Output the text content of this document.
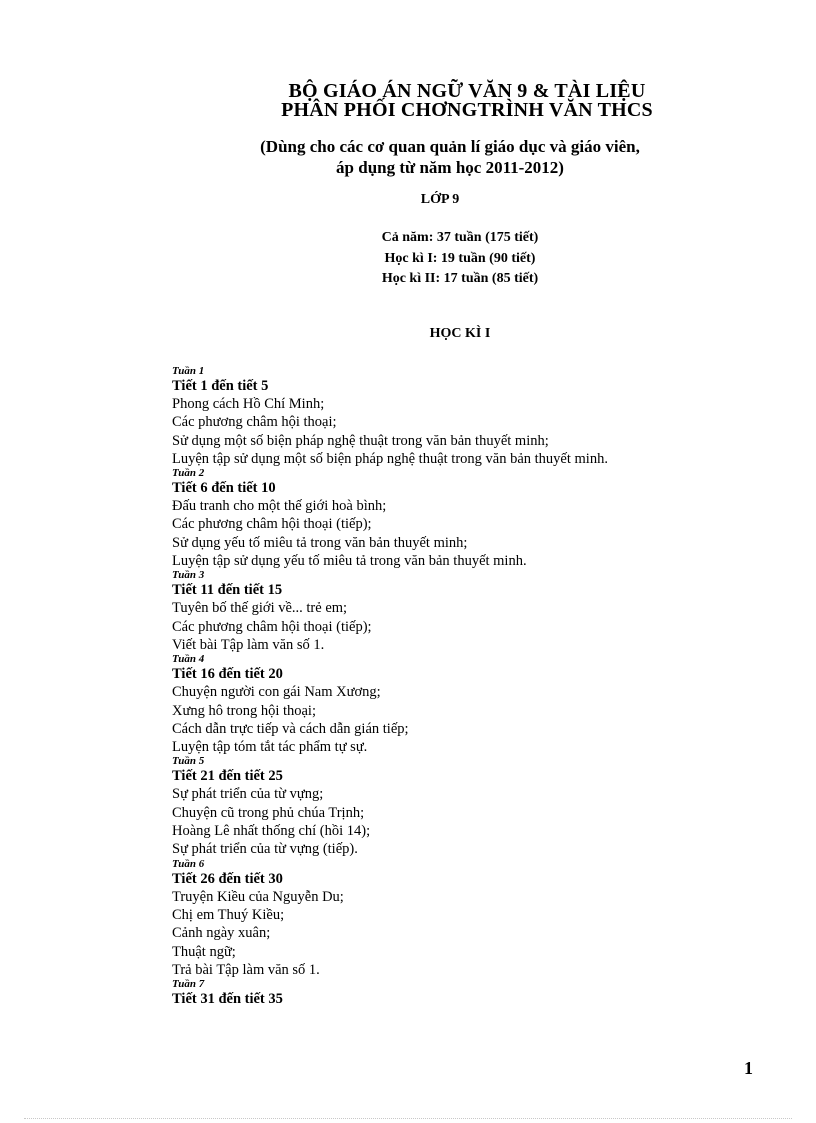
BỘ GIÁO ÁN NGỮ VĂN 9 & TÀI LIỆU
PHÂN PHỐI CHƠNGTRÌNH VĂN THCS
(Dùng cho các cơ quan quản lí giáo dục và giáo viên,
áp dụng từ năm học 2011-2012)
LỚP 9
Cả năm: 37 tuần (175 tiết)
Học kì I: 19 tuần (90 tiết)
Học kì II: 17 tuần (85 tiết)
HỌC KÌ I
Tuần 1
Tiết 1 đến tiết 5
Phong cách Hồ Chí Minh;
Các phương châm hội thoại;
Sử dụng một số biện pháp nghệ thuật trong văn bản thuyết minh;
Luyện tập sử dụng một số biện pháp nghệ thuật trong văn bản thuyết minh.
Tuần 2
Tiết 6 đến tiết 10
Đấu tranh cho một thế giới hoà bình;
Các phương châm hội thoại (tiếp);
Sử dụng yếu tố miêu tả trong văn bản thuyết minh;
Luyện tập sử dụng yếu tố miêu tả trong văn bản thuyết minh.
Tuần 3
Tiết 11 đến tiết 15
Tuyên bố thế giới về... trẻ em;
Các phương châm hội thoại (tiếp);
Viết bài Tập làm văn số 1.
Tuần 4
Tiết 16 đến tiết 20
Chuyện người con gái Nam Xương;
Xưng hô trong hội thoại;
Cách dẫn trực tiếp và cách dẫn gián tiếp;
Luyện tập tóm tắt tác phẩm tự sự.
Tuần 5
Tiết 21 đến tiết 25
Sự phát triển của từ vựng;
Chuyện cũ trong phủ chúa Trịnh;
Hoàng Lê nhất thống chí (hồi 14);
Sự phát triển của từ vựng (tiếp).
Tuần 6
Tiết 26 đến tiết 30
Truyện Kiều của Nguyễn Du;
Chị em Thuý Kiều;
Cảnh ngày xuân;
Thuật ngữ;
Trả bài Tập làm văn số 1.
Tuần 7
Tiết 31 đến tiết 35
1
